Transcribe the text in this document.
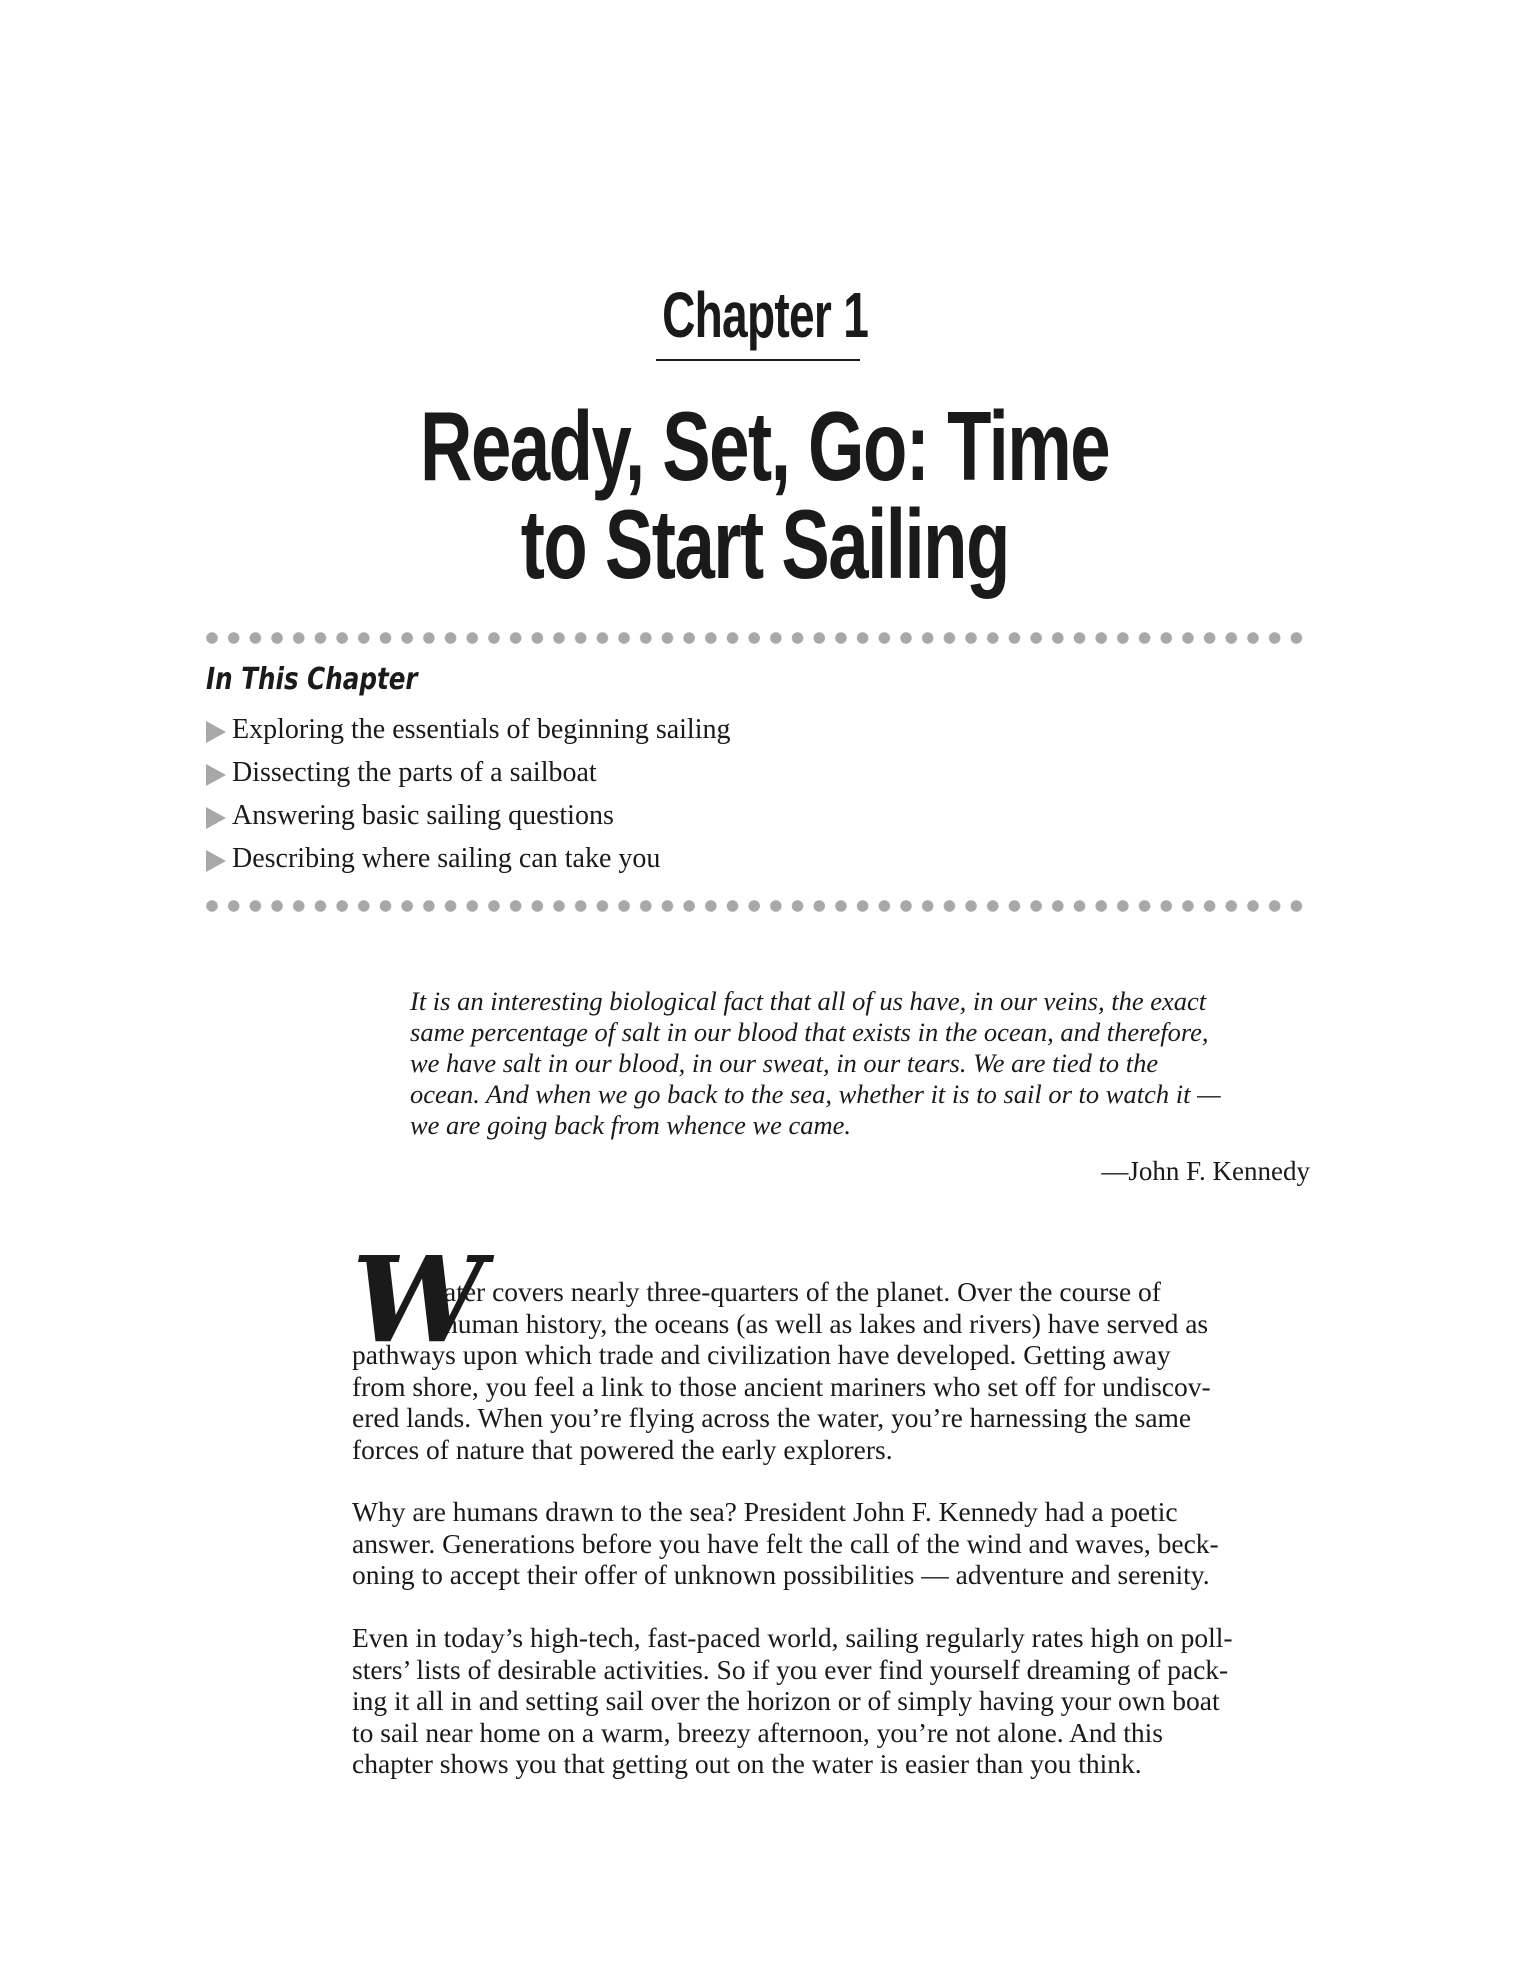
Chapter 1
Ready, Set, Go: Time
to Start Sailing
In This Chapter
Exploring the essentials of beginning sailing
Dissecting the parts of a sailboat
Answering basic sailing questions
Describing where sailing can take you
It is an interesting biological fact that all of us have, in our veins, the exact
same percentage of salt in our blood that exists in the ocean, and therefore,
we have salt in our blood, in our sweat, in our tears. We are tied to the
ocean. And when we go back to the sea, whether it is to sail or to watch it —
we are going back from whence we came.
—John F. Kennedy
W
ater covers nearly three-quarters of the planet. Over the course of
human history, the oceans (as well as lakes and rivers) have served as
pathways upon which trade and civilization have developed. Getting away
from shore, you feel a link to those ancient mariners who set off for undiscov-
ered lands. When you’re flying across the water, you’re harnessing the same
forces of nature that powered the early explorers.
Why are humans drawn to the sea? President John F. Kennedy had a poetic
answer. Generations before you have felt the call of the wind and waves, beck-
oning to accept their offer of unknown possibilities — adventure and serenity.
Even in today’s high-tech, fast-paced world, sailing regularly rates high on poll-
sters’ lists of desirable activities. So if you ever find yourself dreaming of pack-
ing it all in and setting sail over the horizon or of simply having your own boat
to sail near home on a warm, breezy afternoon, you’re not alone. And this
chapter shows you that getting out on the water is easier than you think.
